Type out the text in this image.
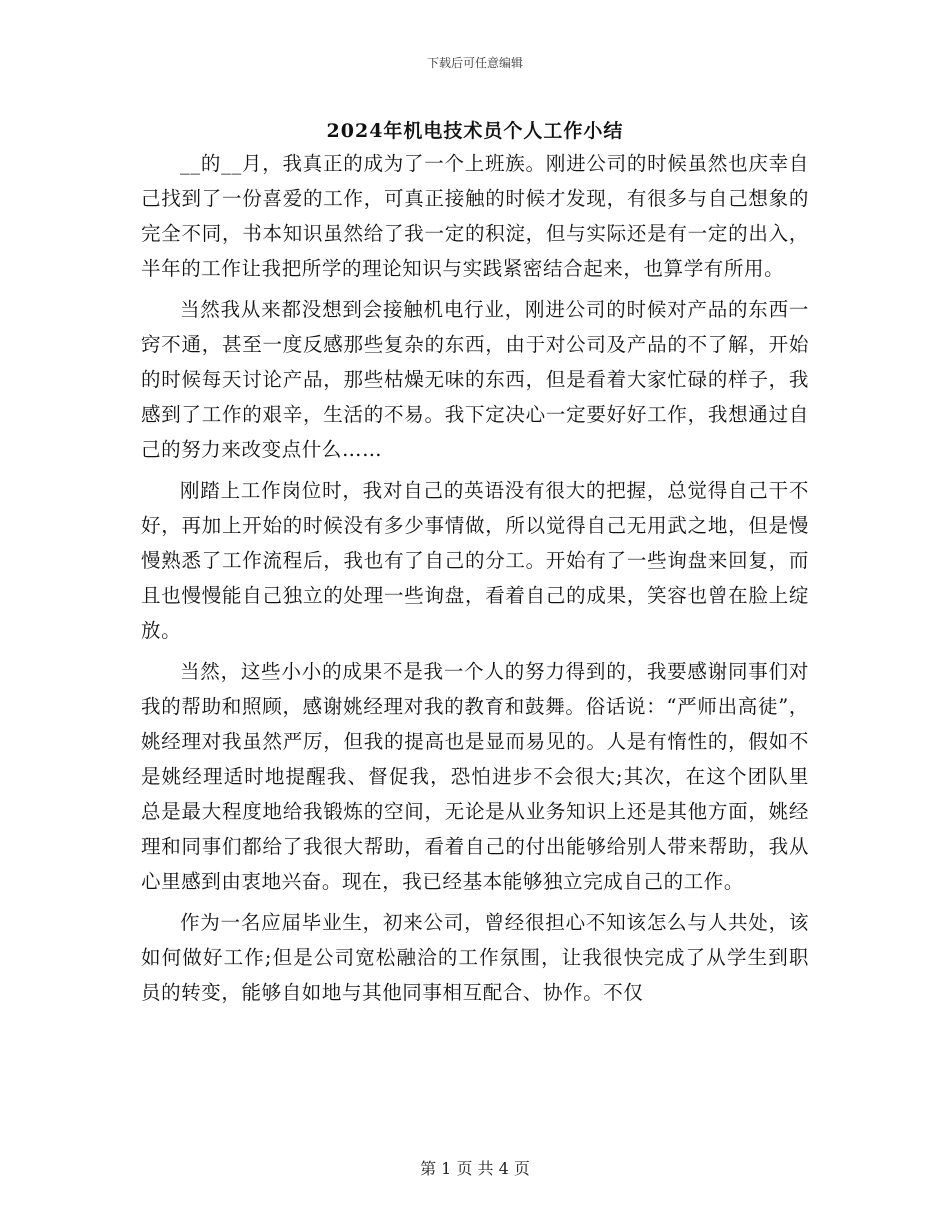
下载后可任意编辑
2024年机电技术员个人工作小结

__的__月，我真正的成为了一个上班族。刚进公司的时候虽然也庆幸自己找到了一份喜爱的工作，可真正接触的时候才发现，有很多与自己想象的完全不同，书本知识虽然给了我一定的积淀，但与实际还是有一定的出入，半年的工作让我把所学的理论知识与实践紧密结合起来，也算学有所用。

当然我从来都没想到会接触机电行业，刚进公司的时候对产品的东西一窍不通，甚至一度反感那些复杂的东西，由于对公司及产品的不了解，开始的时候每天讨论产品，那些枯燥无味的东西，但是看着大家忙碌的样子，我感到了工作的艰辛，生活的不易。我下定决心一定要好好工作，我想通过自己的努力来改变点什么……

刚踏上工作岗位时，我对自己的英语没有很大的把握，总觉得自己干不好，再加上开始的时候没有多少事情做，所以觉得自己无用武之地，但是慢慢熟悉了工作流程后，我也有了自己的分工。开始有了一些询盘来回复，而且也慢慢能自己独立的处理一些询盘，看着自己的成果，笑容也曾在脸上绽放。

当然，这些小小的成果不是我一个人的努力得到的，我要感谢同事们对我的帮助和照顾，感谢姚经理对我的教育和鼓舞。俗话说：“严师出高徒”，姚经理对我虽然严厉，但我的提高也是显而易见的。人是有惰性的，假如不是姚经理适时地提醒我、督促我，恐怕进步不会很大;其次，在这个团队里总是最大程度地给我锻炼的空间，无论是从业务知识上还是其他方面，姚经理和同事们都给了我很大帮助，看着自己的付出能够给别人带来帮助，我从心里感到由衷地兴奋。现在，我已经基本能够独立完成自己的工作。

作为一名应届毕业生，初来公司，曾经很担心不知该怎么与人共处，该如何做好工作;但是公司宽松融洽的工作氛围，让我很快完成了从学生到职员的转变，能够自如地与其他同事相互配合、协作。不仅

第 1 页 共 4 页
